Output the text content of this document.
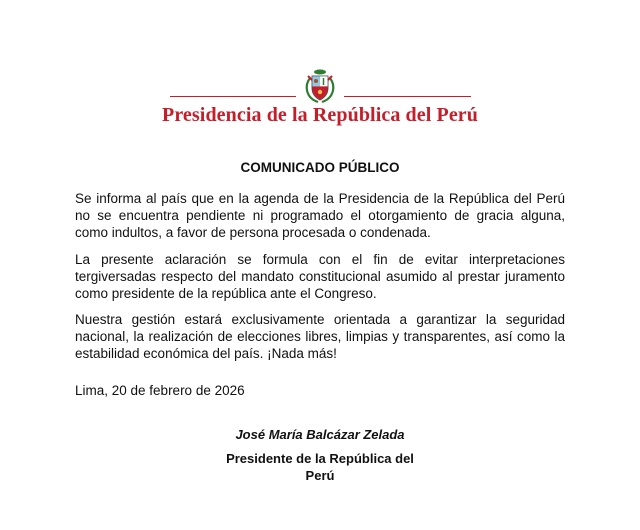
Presidencia de la República del Perú
COMUNICADO PÚBLICO
Se informa al país que en la agenda de la Presidencia de la República del Perú no se encuentra pendiente ni programado el otorgamiento de gracia alguna, como indultos, a favor de persona procesada o condenada.
La presente aclaración se formula con el fin de evitar interpretaciones tergiversadas respecto del mandato constitucional asumido al prestar juramento como presidente de la república ante el Congreso.
Nuestra gestión estará exclusivamente orientada a garantizar la seguridad nacional, la realización de elecciones libres, limpias y transparentes, así como la estabilidad económica del país. ¡Nada más!
Lima, 20 de febrero de 2026
José María Balcázar Zelada
Presidente de la República del Perú
